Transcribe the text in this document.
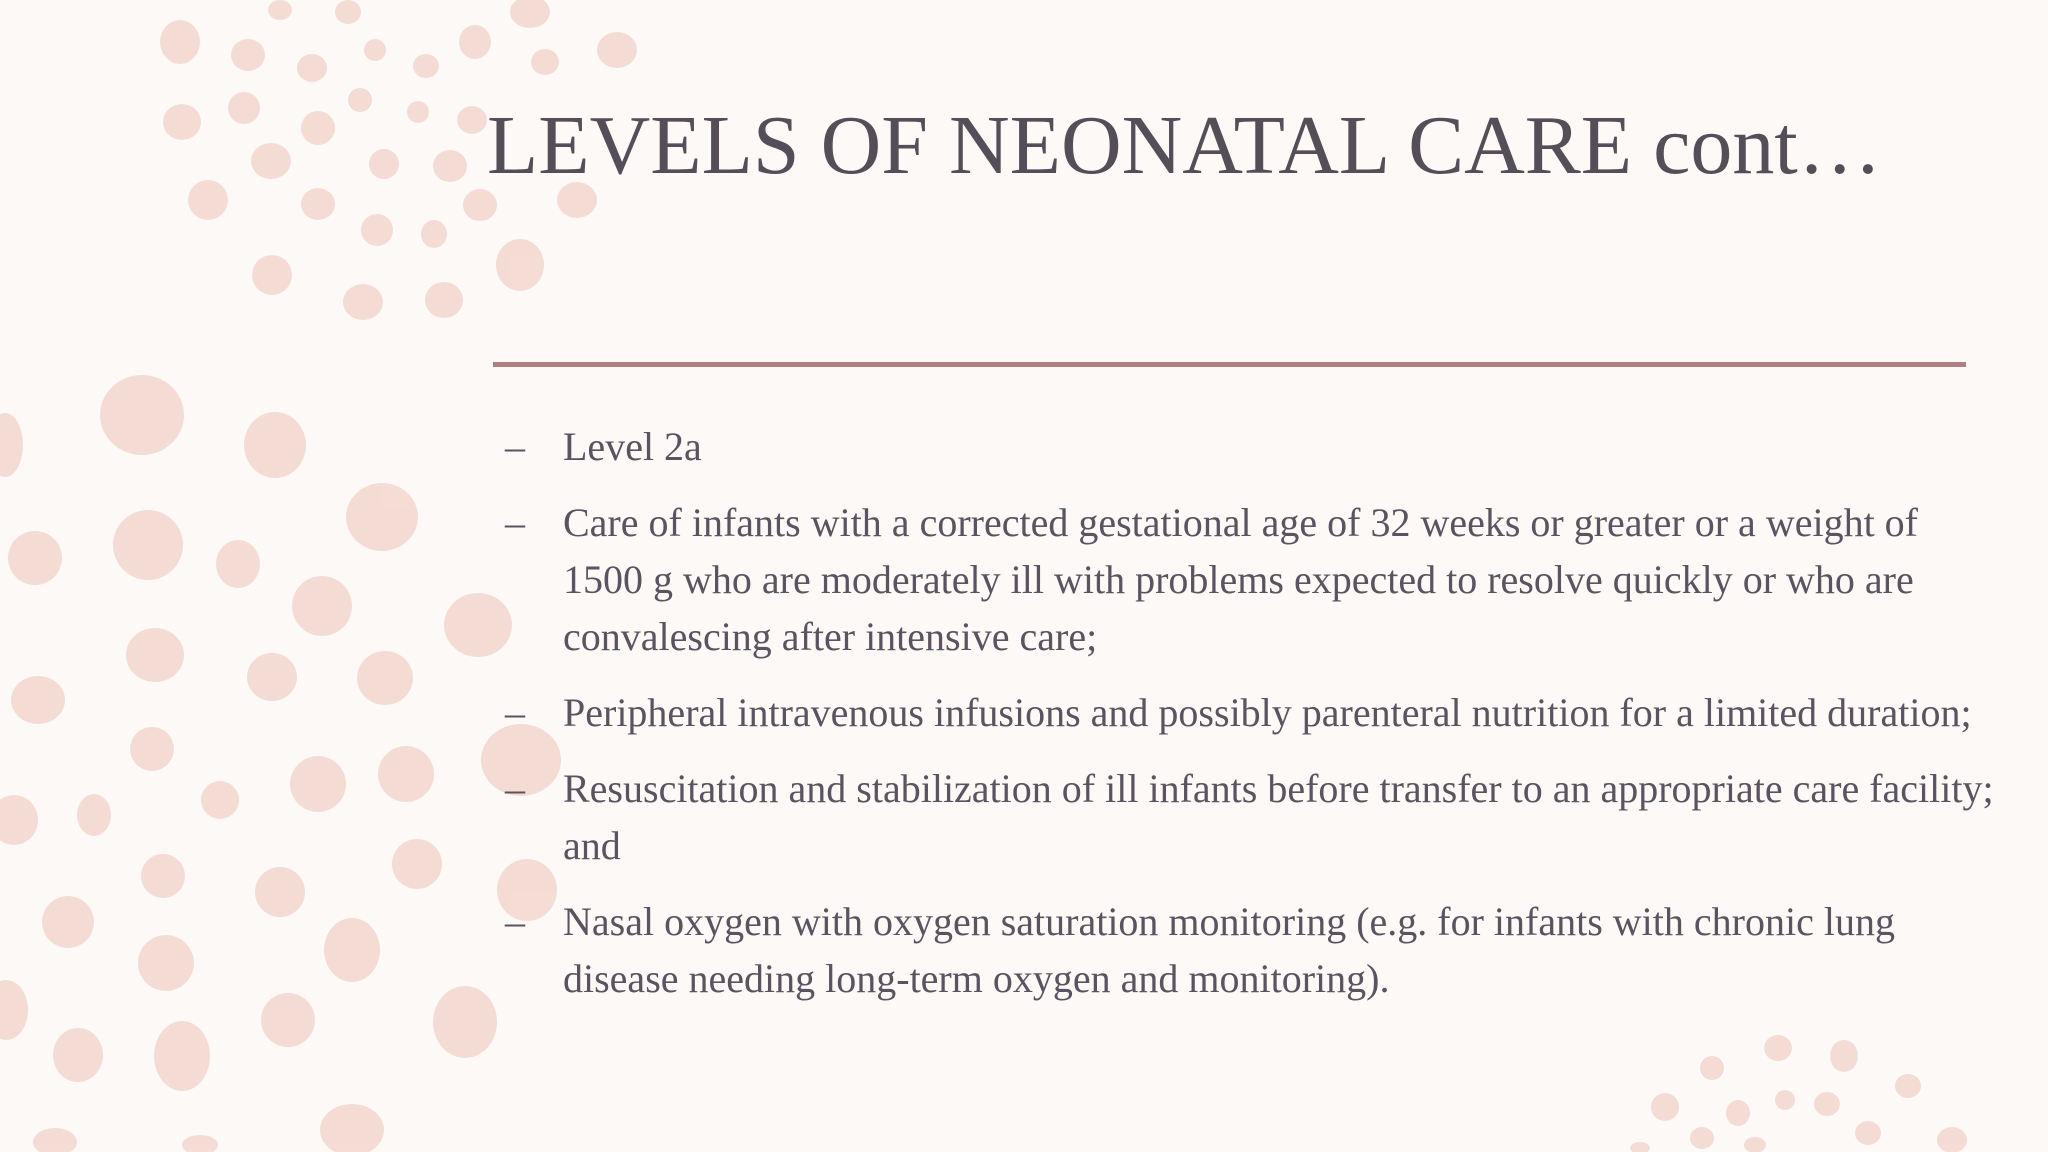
LEVELS OF NEONATAL CARE cont…
– Level 2a
– Care of infants with a corrected gestational age of 32 weeks or greater or a weight of 1500 g who are moderately ill with problems expected to resolve quickly or who are convalescing after intensive care;
– Peripheral intravenous infusions and possibly parenteral nutrition for a limited duration;
– Resuscitation and stabilization of ill infants before transfer to an appropriate care facility; and
– Nasal oxygen with oxygen saturation monitoring (e.g. for infants with chronic lung disease needing long-term oxygen and monitoring).
